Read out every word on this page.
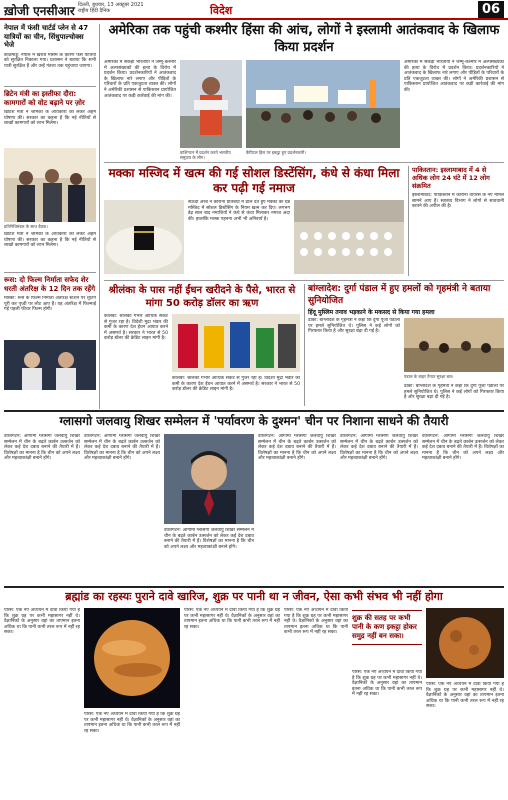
ख़ोजी एनसीआर दिल्ली, बुधवार, 13 अक्टूबर 2021
राष्ट्रीय हिंदी दैनिक	विदेश	06
नेपाल में फंसी चार्टर्ड प्लेन से 47 यात्रियों का चीन, सिंधुपाल्चोक्स भेजे
काठमांडू: नेपाल में खराब मौसम के कारण फंसे यात्रियों को सुरक्षित निकाला गया। प्रशासन ने बताया कि सभी यात्री सुरक्षित हैं और उन्हें गंतव्य तक पहुंचाया जाएगा।
ब्रिटेन मंत्री का इस्तीफा दौरा: कामगारों को वोट बढ़ाने पर ज़ोर
ब्रिटिश मंत्री ने श्रमिकों के अधिकारों को लेकर अहम घोषणा की। सरकार का कहना है कि नई नीतियों से लाखों कामगारों को लाभ मिलेगा।
प्रतिनिधिमंडल के साथ बैठक।
ब्रिटिश मंत्री ने श्रमिकों के अधिकारों को लेकर अहम घोषणा की। सरकार का कहना है कि नई नीतियों से लाखों कामगारों को लाभ मिलेगा।
रूस: दो फिल्म निर्माता सफेद शेर धरती अंतरिक्ष के 12 दिन तक रहेंगे
मॉस्को: रूस के फिल्म निर्माता अंतरिक्ष स्टेशन पर शूटिंग पूरी कर पृथ्वी पर लौट आए हैं। यह अंतरिक्ष में फिल्माई गई पहली फीचर फिल्म होगी।
अमेरिका तक पहुंची कश्मीर हिंसा की आंच, लोगों ने इस्लामी आतंकवाद के खिलाफ किया प्रदर्शन
अमेरिका में सैकड़ों भारतीयों ने जम्मू-कश्मीर में अल्पसंख्यकों की हत्या के विरोध में प्रदर्शन किया। प्रदर्शनकारियों ने आतंकवाद के खिलाफ नारे लगाए और पीड़ितों के परिवारों के प्रति एकजुटता व्यक्त की। लोगों ने अमेरिकी प्रशासन से पाकिस्तान प्रायोजित आतंकवाद पर कड़ी कार्रवाई की मांग की।
वाशिंगटन में प्रदर्शन करते भारतीय समुदाय के लोग।
कैपिटल हिल पर इकट्ठा हुए प्रदर्शनकारी।
अमेरिका में सैकड़ों भारतीयों ने जम्मू-कश्मीर में अल्पसंख्यकों की हत्या के विरोध में प्रदर्शन किया। प्रदर्शनकारियों ने आतंकवाद के खिलाफ नारे लगाए और पीड़ितों के परिवारों के प्रति एकजुटता व्यक्त की। लोगों ने अमेरिकी प्रशासन से पाकिस्तान प्रायोजित आतंकवाद पर कड़ी कार्रवाई की मांग की।
मक्का मस्जिद में खत्म की गई सोशल डिस्टेंसिंग, कंधे से कंधा मिला कर पढ़ी गई नमाज
सऊदी अरब ने कोरोना प्रतिबंधों में ढील देते हुए मक्का की ग्रैंड मस्जिद में सोशल डिस्टेंसिंग के नियम खत्म कर दिए। लगभग डेढ़ साल बाद नमाजियों ने कंधे से कंधा मिलाकर नमाज अदा की। हालांकि मास्क पहनना अभी भी अनिवार्य है।
पाकिस्तान: इस्लामाबाद में 4 से अधिक लोग 24 घंटे में 12 लोग संक्रमित
इस्लामाबाद: पाकिस्तान में कोरोना वायरस के नए मामले सामने आए हैं। स्वास्थ्य विभाग ने लोगों से सावधानी बरतने की अपील की है।
श्रीलंका के पास नहीं ईंधन खरीदने के पैसे, भारत से मांगा 50 करोड़ डॉलर का ऋण
कोलंबो: श्रीलंका गंभीर आर्थिक संकट से गुजर रहा है। विदेशी मुद्रा भंडार की कमी के कारण देश ईंधन आयात करने में असमर्थ है। सरकार ने भारत से 50 करोड़ डॉलर की क्रेडिट लाइन मांगी है।
कोलंबो: श्रीलंका गंभीर आर्थिक संकट से गुजर रहा है। विदेशी मुद्रा भंडार की कमी के कारण देश ईंधन आयात करने में असमर्थ है। सरकार ने भारत से 50 करोड़ डॉलर की क्रेडिट लाइन मांगी है।
बांग्लादेश: दुर्गा पंडाल में हुए हमलों को गृहमंत्री ने बताया सुनियोजित
हिंदू मुस्लिम तनाव भड़काने के मकसद से किया गया हमला
ढाका: बांग्लादेश के गृहमंत्री ने कहा कि दुर्गा पूजा पंडालों पर हमले सुनियोजित थे। पुलिस ने कई लोगों को गिरफ्तार किया है और सुरक्षा बढ़ा दी गई है।
पंडाल के बाहर तैनात सुरक्षा बल।
ढाका: बांग्लादेश के गृहमंत्री ने कहा कि दुर्गा पूजा पंडालों पर हमले सुनियोजित थे। पुलिस ने कई लोगों को गिरफ्तार किया है और सुरक्षा बढ़ा दी गई है।
ग्लासगो जलवायु शिखर सम्मेलन में 'पर्यावरण के दुश्मन' चीन पर निशाना साधने की तैयारी
वाशिंगटन: आगामी ग्लासगो जलवायु शिखर सम्मेलन में चीन के बढ़ते कार्बन उत्सर्जन को लेकर कई देश दबाव बनाने की तैयारी में हैं। विशेषज्ञों का मानना है कि चीन को अपने लक्ष्य और महत्वाकांक्षी बनाने होंगे।
वाशिंगटन: आगामी ग्लासगो जलवायु शिखर सम्मेलन में चीन के बढ़ते कार्बन उत्सर्जन को लेकर कई देश दबाव बनाने की तैयारी में हैं। विशेषज्ञों का मानना है कि चीन को अपने लक्ष्य और महत्वाकांक्षी बनाने होंगे।
वाशिंगटन: आगामी ग्लासगो जलवायु शिखर सम्मेलन में चीन के बढ़ते कार्बन उत्सर्जन को लेकर कई देश दबाव बनाने की तैयारी में हैं। विशेषज्ञों का मानना है कि चीन को अपने लक्ष्य और महत्वाकांक्षी बनाने होंगे।
वाशिंगटन: आगामी ग्लासगो जलवायु शिखर सम्मेलन में चीन के बढ़ते कार्बन उत्सर्जन को लेकर कई देश दबाव बनाने की तैयारी में हैं। विशेषज्ञों का मानना है कि चीन को अपने लक्ष्य और महत्वाकांक्षी बनाने होंगे।
वाशिंगटन: आगामी ग्लासगो जलवायु शिखर सम्मेलन में चीन के बढ़ते कार्बन उत्सर्जन को लेकर कई देश दबाव बनाने की तैयारी में हैं। विशेषज्ञों का मानना है कि चीन को अपने लक्ष्य और महत्वाकांक्षी बनाने होंगे।
वाशिंगटन: आगामी ग्लासगो जलवायु शिखर सम्मेलन में चीन के बढ़ते कार्बन उत्सर्जन को लेकर कई देश दबाव बनाने की तैयारी में हैं। विशेषज्ञों का मानना है कि चीन को अपने लक्ष्य और महत्वाकांक्षी बनाने होंगे।
ब्रह्मांड का रहस्यः पुराने दावे खारिज, शुक्र पर पानी था न जीवन, ऐसा कभी संभव भी नहीं होगा
पेरिस: एक नए अध्ययन में दावा किया गया है कि शुक्र ग्रह पर कभी महासागर नहीं थे। वैज्ञानिकों के अनुसार वहां का तापमान इतना अधिक था कि पानी कभी तरल रूप में नहीं रह सका।
पेरिस: एक नए अध्ययन में दावा किया गया है कि शुक्र ग्रह पर कभी महासागर नहीं थे। वैज्ञानिकों के अनुसार वहां का तापमान इतना अधिक था कि पानी कभी तरल रूप में नहीं रह सका।
पेरिस: एक नए अध्ययन में दावा किया गया है कि शुक्र ग्रह पर कभी महासागर नहीं थे। वैज्ञानिकों के अनुसार वहां का तापमान इतना अधिक था कि पानी कभी तरल रूप में नहीं रह सका।
पेरिस: एक नए अध्ययन में दावा किया गया है कि शुक्र ग्रह पर कभी महासागर नहीं थे। वैज्ञानिकों के अनुसार वहां का तापमान इतना अधिक था कि पानी कभी तरल रूप में नहीं रह सका।
शुक्र की सतह पर कभी पानी के कण इकट्ठा होकर समुद्र नहीं बन सका।
पेरिस: एक नए अध्ययन में दावा किया गया है कि शुक्र ग्रह पर कभी महासागर नहीं थे। वैज्ञानिकों के अनुसार वहां का तापमान इतना अधिक था कि पानी कभी तरल रूप में नहीं रह सका।
पेरिस: एक नए अध्ययन में दावा किया गया है कि शुक्र ग्रह पर कभी महासागर नहीं थे। वैज्ञानिकों के अनुसार वहां का तापमान इतना अधिक था कि पानी कभी तरल रूप में नहीं रह सका।
